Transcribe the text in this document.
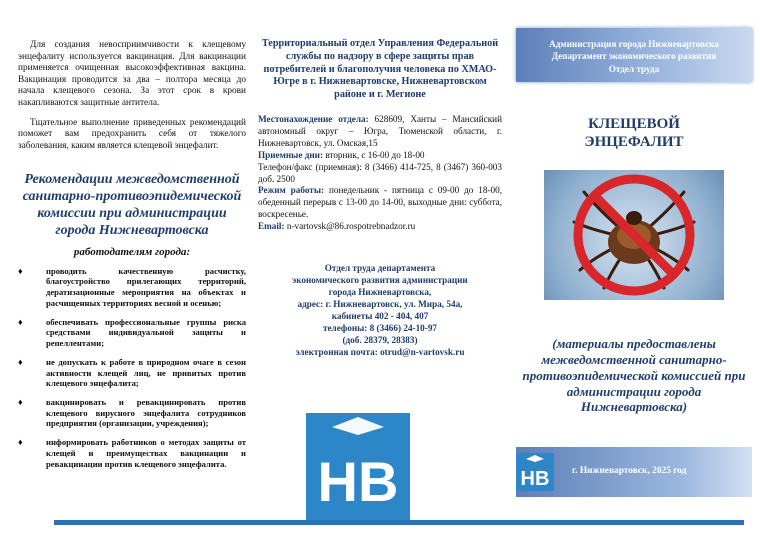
Для создания невосприимчивости к клещевому энцефалиту используется вакцинация. Для вакцинации применяется очищенная высокоэффективная вакцина. Вакцинация проводится за два – полтора месяца до начала клещевого сезона. За этот срок в крови накапливаются защитные антитела.

Тщательное выполнение приведенных рекомендаций поможет вам предохранить себя от тяжелого заболевания, каким является клещевой энцефалит.

Рекомендации межведомственной санитарно-противоэпидемической комиссии при администрации города Нижневартовска
работодателям города:
♦	проводить качественную расчистку, благоустройство прилегающих территорий, дератизационные мероприятия на объектах и расчищенных территориях весной и осенью;
♦	обеспечивать профессиональные группы риска средствами индивидуальной защиты и репеллентами;
♦	не допускать к работе в природном очаге в сезон активности клещей лиц, не привитых против клещевого энцефалита;
♦	вакцинировать и ревакцинировать против клещевого вирусного энцефалита сотрудников предприятия (организации, учреждения);
♦	информировать работников о методах защиты от клещей и преимуществах вакцинации и ревакцинации против клещевого энцефалита.
Территориальный отдел Управления Федеральной службы по надзору в сфере защиты прав потребителей и благополучия человека по ХМАО-Югре в г. Нижневартовске, Нижневартовском районе и г. Мегионе
Местонахождение отдела: 628609, Ханты – Мансийский автономный округ – Югра, Тюменской области, г. Нижневартовск, ул. Омская,15
Приемные дни: вторник, с 16-00 до 18-00
Телефон/факс (приемная): 8 (3466) 414-725, 8 (3467) 360-003 доб. 2500
Режим работы: понедельник - пятница с 09-00 до 18-00, обеденный перерыв с 13-00 до 14-00, выходные дни: суббота, воскресенье.
Email: n-vartovsk@86.rospotrebnadzor.ru
Отдел труда департамента
экономического развития администрации
города Нижневартовска,
адрес: г. Нижневартовск, ул. Мира, 54а,
кабинеты 402 - 404, 407
телефоны: 8 (3466) 24-10-97
(доб. 28379, 28383)
электронная почта: otrud@n-vartovsk.ru
НВ
Администрация города Нижневартовска
Департамент экономического развития
Отдел труда
КЛЕЩЕВОЙ
ЭНЦЕФАЛИТ
(материалы предоставлены межведомственной санитарно-противоэпидемической комиссией при администрации города Нижневартовска)
НВ г. Нижневартовск, 2025 год
